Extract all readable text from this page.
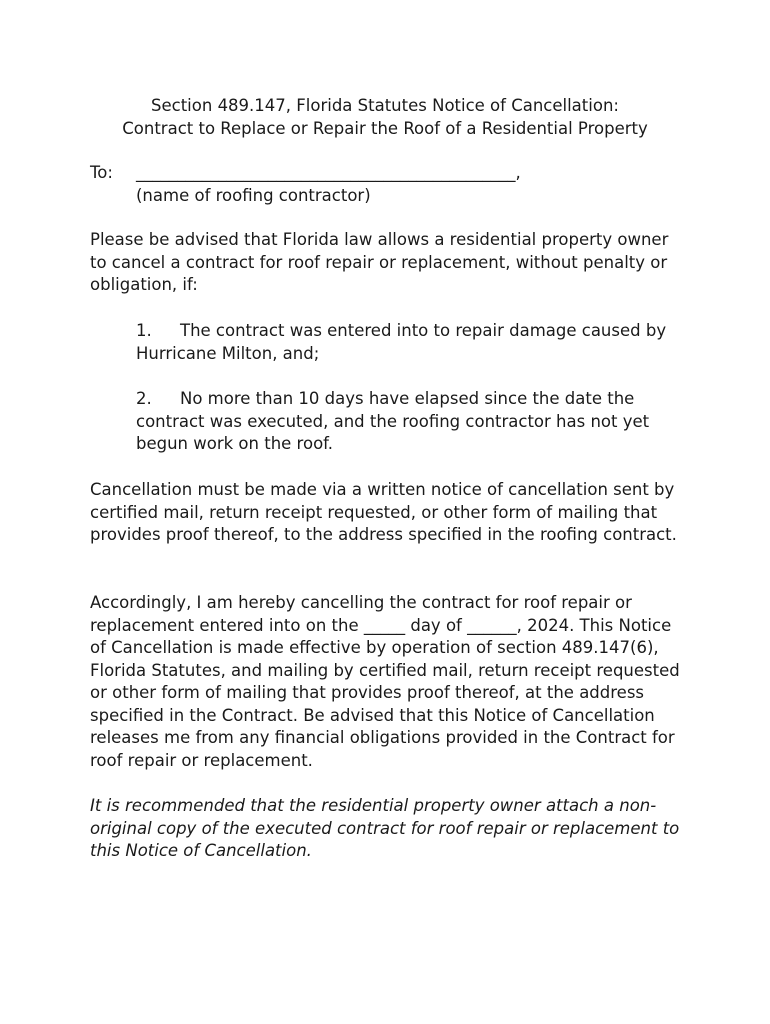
Section 489.147, Florida Statutes Notice of Cancellation:
Contract to Replace or Repair the Roof of a Residential Property
To: ______________________________________________,
(name of roofing contractor)

Please be advised that Florida law allows a residential property owner to cancel a contract for roof repair or replacement, without penalty or obligation, if:

1. The contract was entered into to repair damage caused by Hurricane Milton, and;

2. No more than 10 days have elapsed since the date the contract was executed, and the roofing contractor has not yet begun work on the roof.

Cancellation must be made via a written notice of cancellation sent by certified mail, return receipt requested, or other form of mailing that provides proof thereof, to the address specified in the roofing contract.

Accordingly, I am hereby cancelling the contract for roof repair or replacement entered into on the _____ day of ______, 2024. This Notice of Cancellation is made effective by operation of section 489.147(6), Florida Statutes, and mailing by certified mail, return receipt requested or other form of mailing that provides proof thereof, at the address specified in the Contract. Be advised that this Notice of Cancellation releases me from any financial obligations provided in the Contract for roof repair or replacement.

It is recommended that the residential property owner attach a non-original copy of the executed contract for roof repair or replacement to this Notice of Cancellation.
